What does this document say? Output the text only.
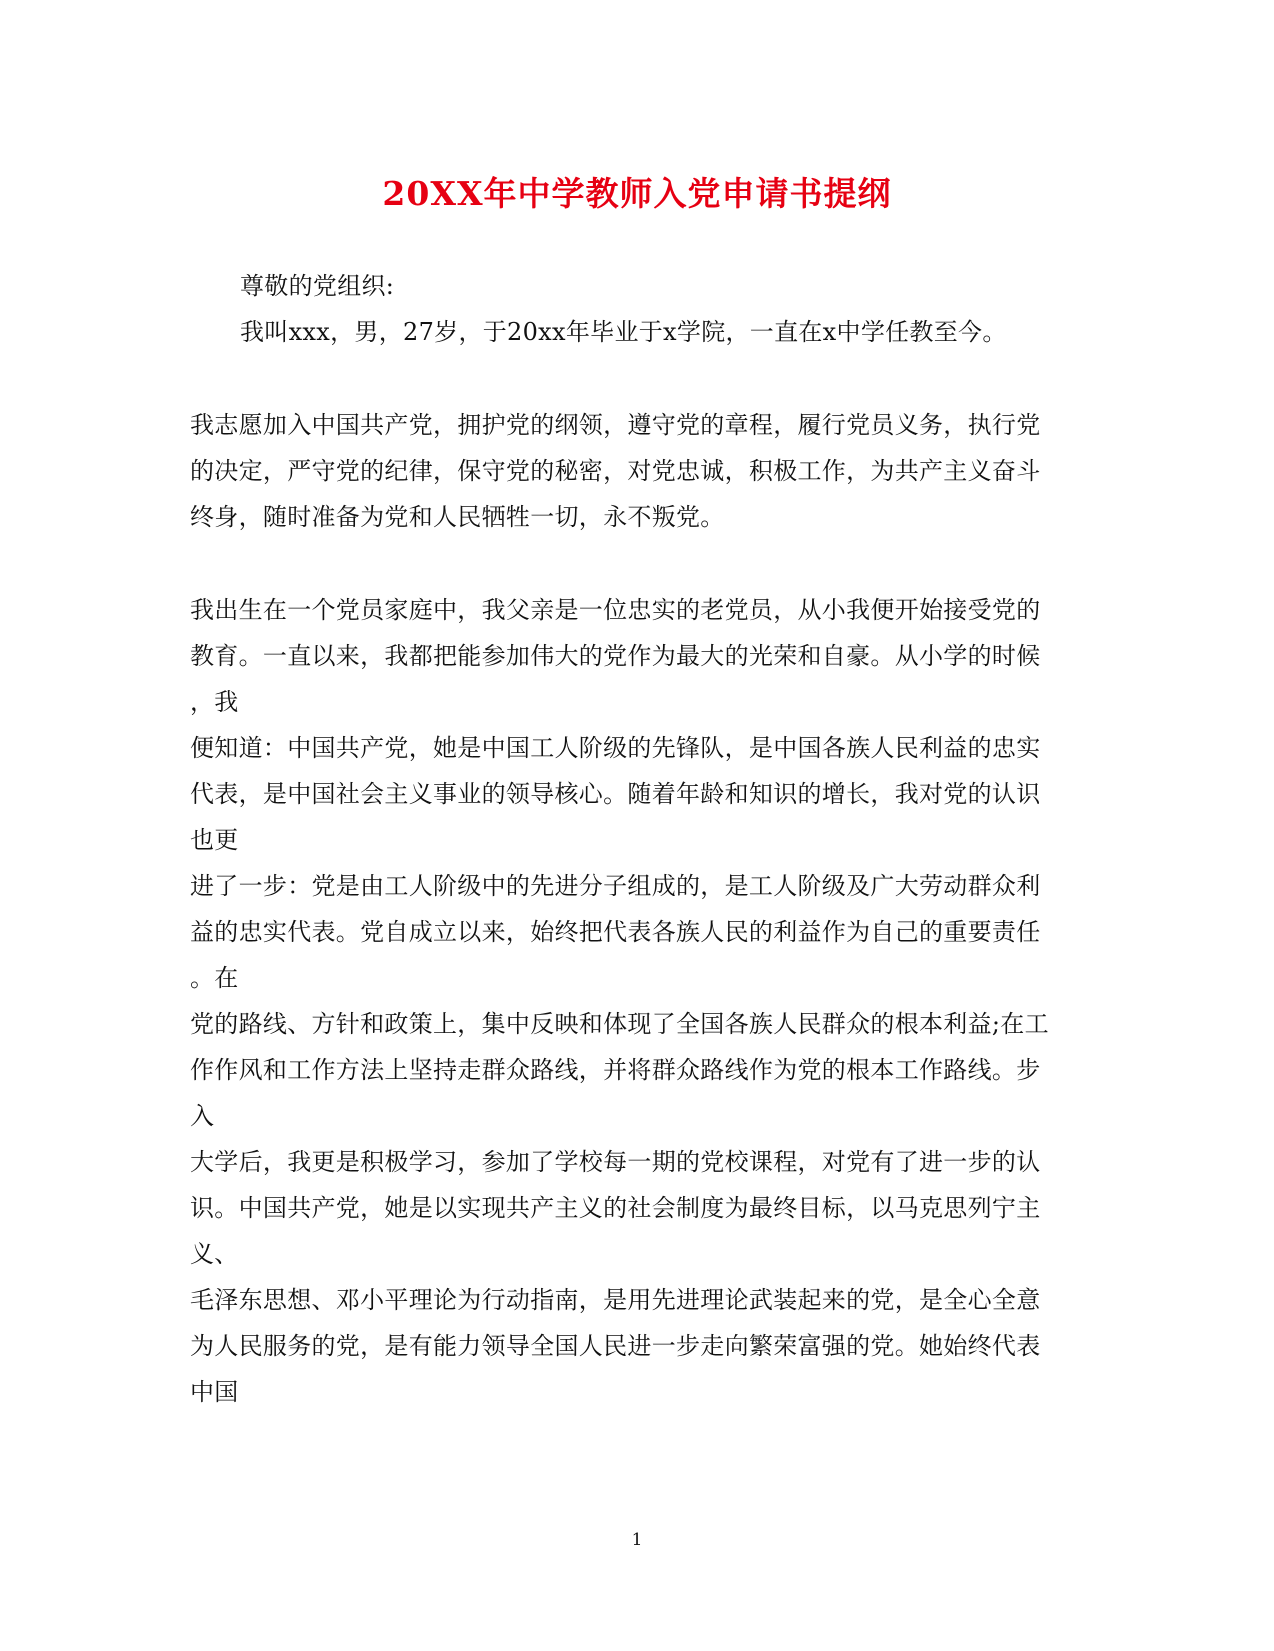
20XX年中学教师入党申请书提纲
尊敬的党组织:
我叫xxx，男，27岁，于20xx年毕业于x学院，一直在x中学任教至今。
我志愿加入中国共产党，拥护党的纲领，遵守党的章程，履行党员义务，执行党
的决定，严守党的纪律，保守党的秘密，对党忠诚，积极工作，为共产主义奋斗
终身，随时准备为党和人民牺牲一切，永不叛党。
我出生在一个党员家庭中，我父亲是一位忠实的老党员，从小我便开始接受党的
教育。一直以来，我都把能参加伟大的党作为最大的光荣和自豪。从小学的时候
，我
便知道：中国共产党，她是中国工人阶级的先锋队，是中国各族人民利益的忠实
代表，是中国社会主义事业的领导核心。随着年龄和知识的增长，我对党的认识
也更
进了一步：党是由工人阶级中的先进分子组成的，是工人阶级及广大劳动群众利
益的忠实代表。党自成立以来，始终把代表各族人民的利益作为自己的重要责任
。在
党的路线、方针和政策上，集中反映和体现了全国各族人民群众的根本利益;在工
作作风和工作方法上坚持走群众路线，并将群众路线作为党的根本工作路线。步
入
大学后，我更是积极学习，参加了学校每一期的党校课程，对党有了进一步的认
识。中国共产党，她是以实现共产主义的社会制度为最终目标，以马克思列宁主
义、
毛泽东思想、邓小平理论为行动指南，是用先进理论武装起来的党，是全心全意
为人民服务的党，是有能力领导全国人民进一步走向繁荣富强的党。她始终代表
中国
1
